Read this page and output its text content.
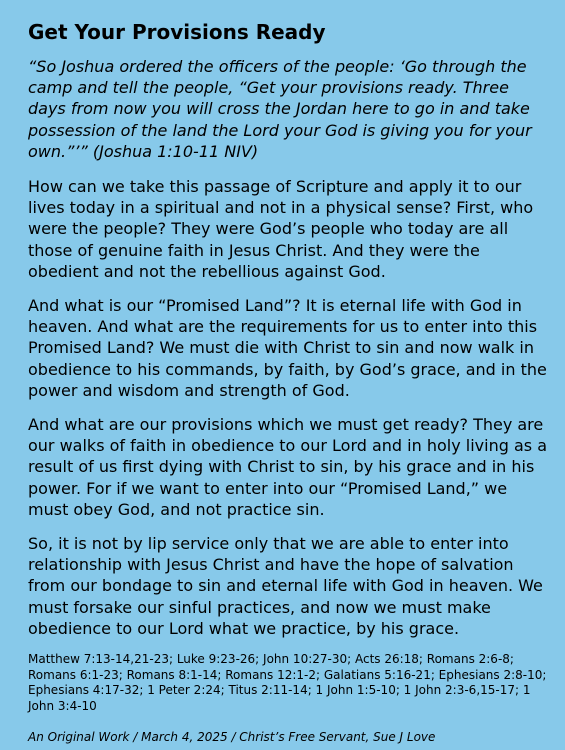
Get Your Provisions Ready

“So Joshua ordered the officers of the people: ‘Go through the camp and tell the people, “Get your provisions ready. Three days from now you will cross the Jordan here to go in and take possession of the land the Lord your God is giving you for your own.”’” (Joshua 1:10-11 NIV)

How can we take this passage of Scripture and apply it to our lives today in a spiritual and not in a physical sense? First, who were the people? They were God’s people who today are all those of genuine faith in Jesus Christ. And they were the obedient and not the rebellious against God.

And what is our “Promised Land”? It is eternal life with God in heaven. And what are the requirements for us to enter into this Promised Land? We must die with Christ to sin and now walk in obedience to his commands, by faith, by God’s grace, and in the power and wisdom and strength of God.

And what are our provisions which we must get ready? They are our walks of faith in obedience to our Lord and in holy living as a result of us first dying with Christ to sin, by his grace and in his power. For if we want to enter into our “Promised Land,” we must obey God, and not practice sin.

So, it is not by lip service only that we are able to enter into relationship with Jesus Christ and have the hope of salvation from our bondage to sin and eternal life with God in heaven. We must forsake our sinful practices, and now we must make obedience to our Lord what we practice, by his grace.

Matthew 7:13-14,21-23; Luke 9:23-26; John 10:27-30; Acts 26:18; Romans 2:6-8; Romans 6:1-23; Romans 8:1-14; Romans 12:1-2; Galatians 5:16-21; Ephesians 2:8-10; Ephesians 4:17-32; 1 Peter 2:24; Titus 2:11-14; 1 John 1:5-10; 1 John 2:3-6,15-17; 1 John 3:4-10

An Original Work / March 4, 2025 / Christ’s Free Servant, Sue J Love
